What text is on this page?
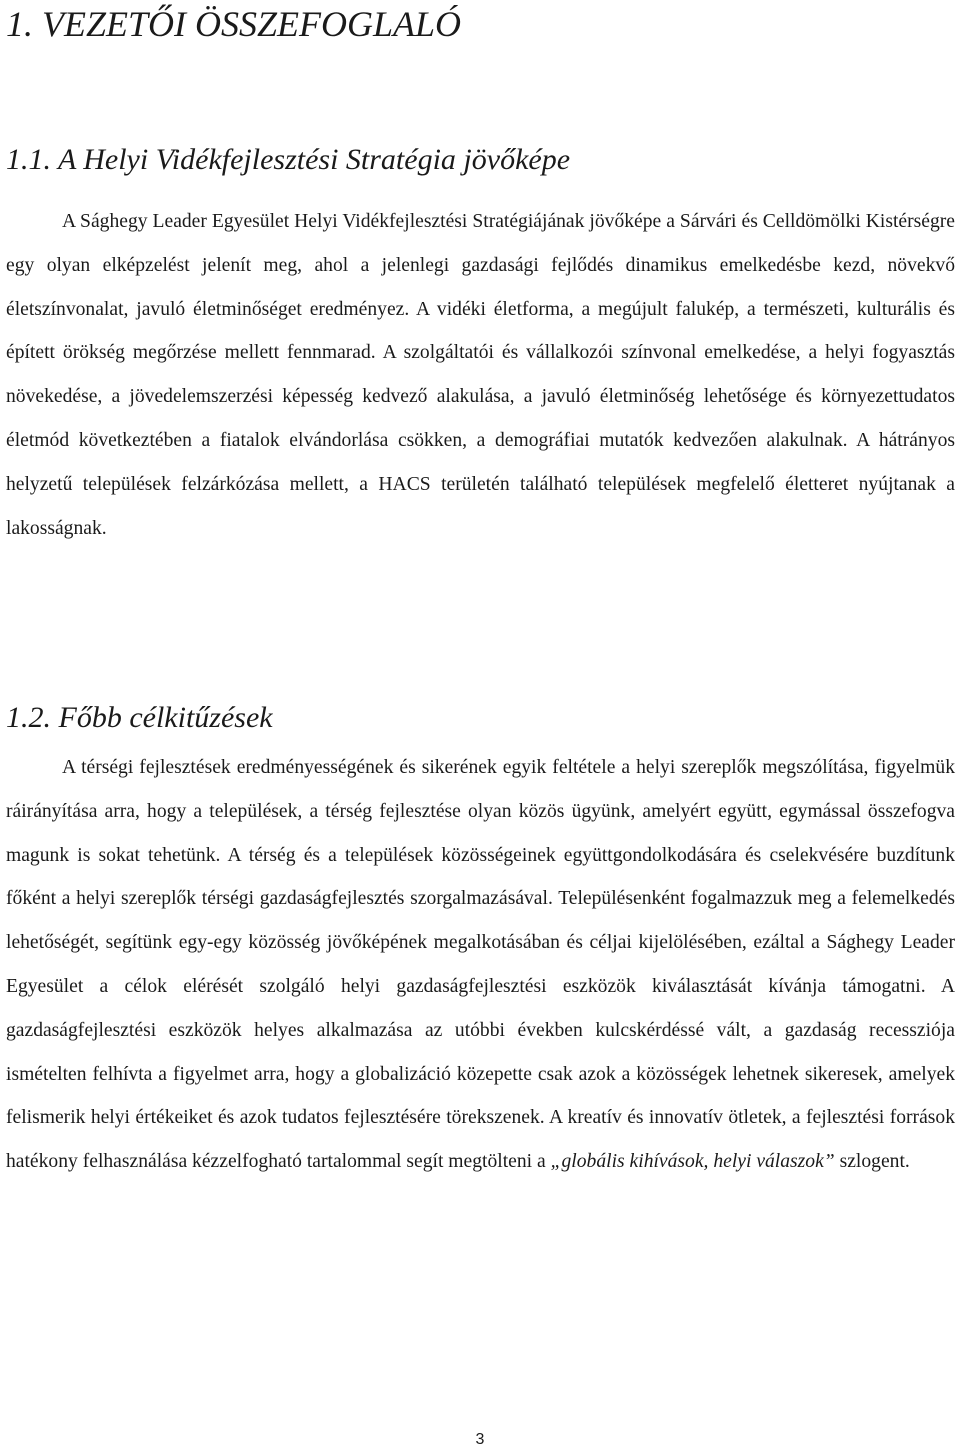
1. VEZETŐI ÖSSZEFOGLALÓ
1.1. A Helyi Vidékfejlesztési Stratégia jövőképe

A Sághegy Leader Egyesület Helyi Vidékfejlesztési Stratégiájának jövőképe a Sárvári és Celldömölki Kistérségre egy olyan elképzelést jelenít meg, ahol a jelenlegi gazdasági fejlődés dinamikus emelkedésbe kezd, növekvő életszínvonalat, javuló életminőséget eredményez. A vidéki életforma, a megújult falukép, a természeti, kulturális és épített örökség megőrzése mellett fennmarad. A szolgáltatói és vállalkozói színvonal emelkedése, a helyi fogyasztás növekedése, a jövedelemszerzési képesség kedvező alakulása, a javuló életminőség lehetősége és környezettudatos életmód következtében a fiatalok elvándorlása csökken, a demográfiai mutatók kedvezően alakulnak. A hátrányos helyzetű települések felzárkózása mellett, a HACS területén található települések megfelelő életteret nyújtanak a lakosságnak.

1.2. Főbb célkitűzések

A térségi fejlesztések eredményességének és sikerének egyik feltétele a helyi szereplők megszólítása, figyelmük ráirányítása arra, hogy a települések, a térség fejlesztése olyan közös ügyünk, amelyért együtt, egymással összefogva magunk is sokat tehetünk. A térség és a települések közösségeinek együttgondolkodására és cselekvésére buzdítunk főként a helyi szereplők térségi gazdaságfejlesztés szorgalmazásával. Településenként fogalmazzuk meg a felemelkedés lehetőségét, segítünk egy-egy közösség jövőképének megalkotásában és céljai kijelölésében, ezáltal a Sághegy Leader Egyesület a célok elérését szolgáló helyi gazdaságfejlesztési eszközök kiválasztását kívánja támogatni. A gazdaságfejlesztési eszközök helyes alkalmazása az utóbbi években kulcskérdéssé vált, a gazdaság recessziója ismételten felhívta a figyelmet arra, hogy a globalizáció közepette csak azok a közösségek lehetnek sikeresek, amelyek felismerik helyi értékeiket és azok tudatos fejlesztésére törekszenek. A kreatív és innovatív ötletek, a fejlesztési források hatékony felhasználása kézzelfogható tartalommal segít megtölteni a „globális kihívások, helyi válaszok” szlogent.

3
